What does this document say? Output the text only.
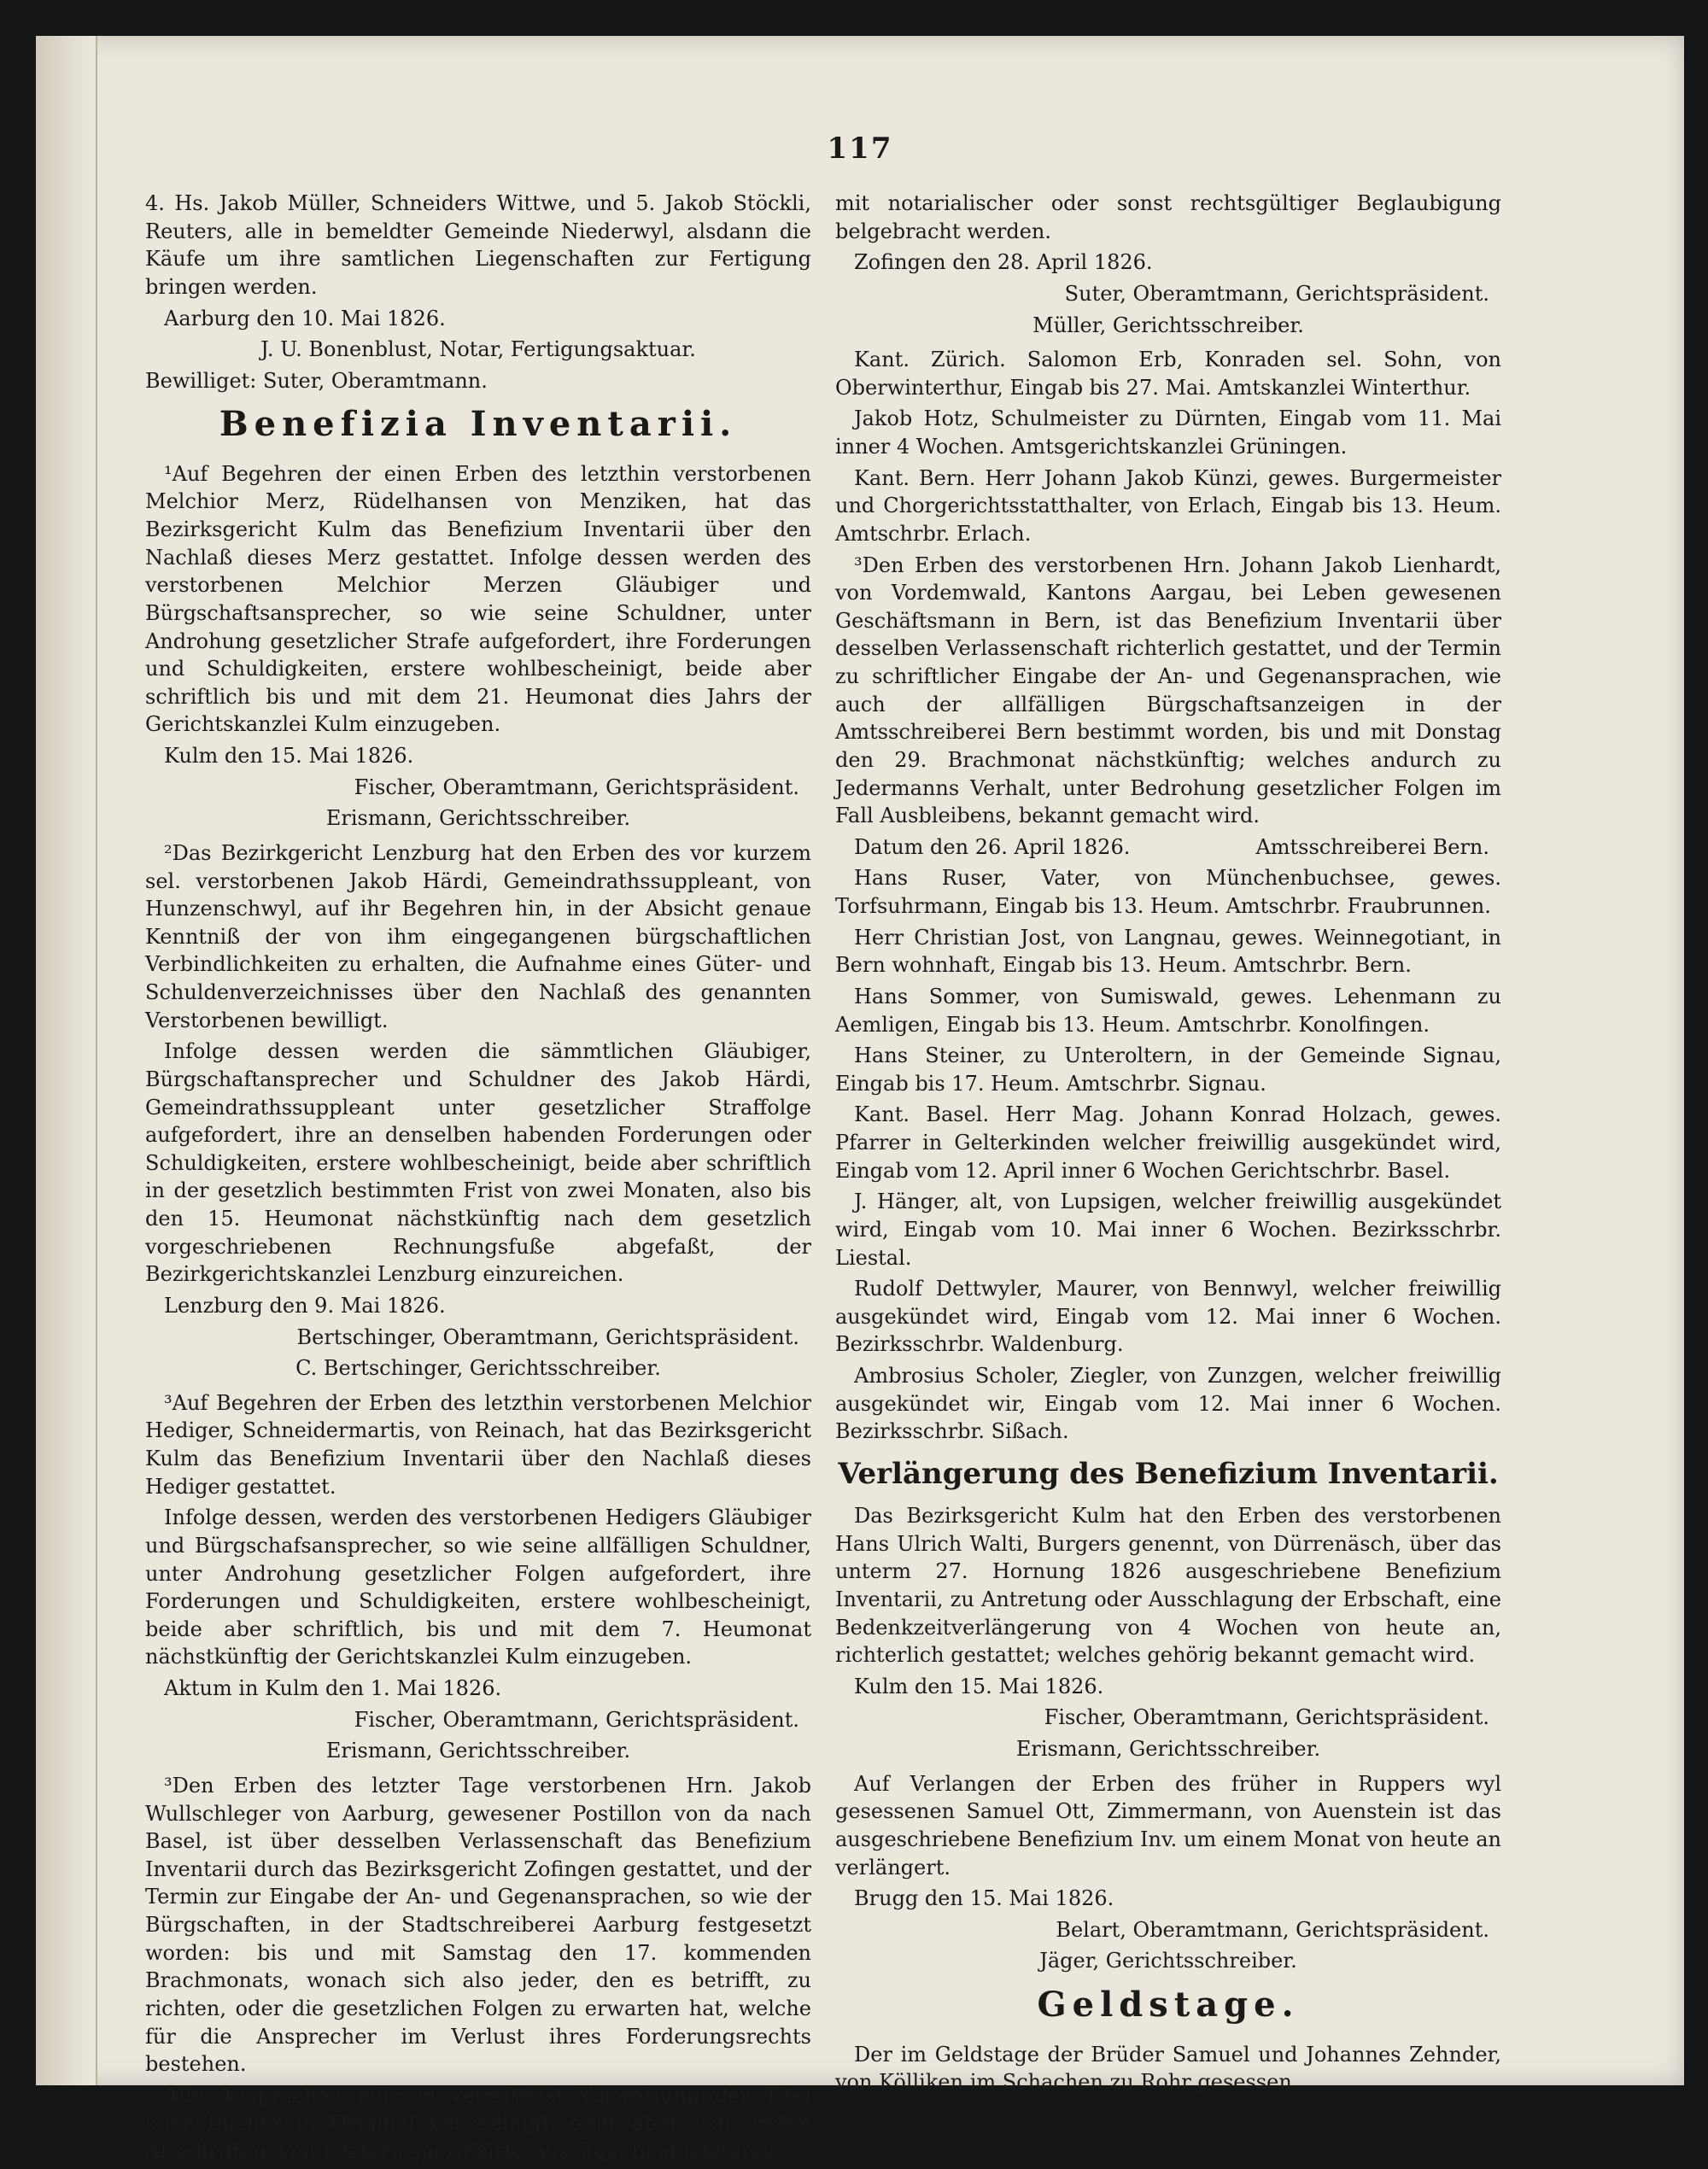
117

4. Hs. Jakob Müller, Schneiders Wittwe, und 5. Jakob Stöckli, Reuters, alle in bemeldter Gemeinde Niederwyl, alsdann die Käufe um ihre samtlichen Liegenschaften zur Fertigung bringen werden.

Aarburg den 10. Mai 1826.

J. U. Bonenblust, Notar, Fertigungsaktuar.

Bewilliget: Suter, Oberamtmann.

Benefizia Inventarii.

¹Auf Begehren der einen Erben des letzthin verstorbenen Melchior Merz, Rüdelhansen von Menziken, hat das Bezirksgericht Kulm das Benefizium Inventarii über den Nachlaß dieses Merz gestattet. Infolge dessen werden des verstorbenen Melchior Merzen Gläubiger und Bürgschaftsansprecher, so wie seine Schuldner, unter Androhung gesetzlicher Strafe aufgefordert, ihre Forderungen und Schuldigkeiten, erstere wohlbescheinigt, beide aber schriftlich bis und mit dem 21. Heumonat dies Jahrs der Gerichtskanzlei Kulm einzugeben.

Kulm den 15. Mai 1826.

Fischer, Oberamtmann, Gerichtspräsident.

Erismann, Gerichtsschreiber.

²Das Bezirkgericht Lenzburg hat den Erben des vor kurzem sel. verstorbenen Jakob Härdi, Gemeindrathssuppleant, von Hunzenschwyl, auf ihr Begehren hin, in der Absicht genaue Kenntniß der von ihm eingegangenen bürgschaftlichen Verbindlichkeiten zu erhalten, die Aufnahme eines Güter- und Schuldenverzeichnisses über den Nachlaß des genannten Verstorbenen bewilligt.

Infolge dessen werden die sämmtlichen Gläubiger, Bürgschaftansprecher und Schuldner des Jakob Härdi, Gemeindrathssuppleant unter gesetzlicher Straffolge aufgefordert, ihre an denselben habenden Forderungen oder Schuldigkeiten, erstere wohlbescheinigt, beide aber schriftlich in der gesetzlich bestimmten Frist von zwei Monaten, also bis den 15. Heumonat nächstkünftig nach dem gesetzlich vorgeschriebenen Rechnungsfuße abgefaßt, der Bezirkgerichtskanzlei Lenzburg einzureichen.

Lenzburg den 9. Mai 1826.

Bertschinger, Oberamtmann, Gerichtspräsident.

C. Bertschinger, Gerichtsschreiber.

³Auf Begehren der Erben des letzthin verstorbenen Melchior Hediger, Schneidermartis, von Reinach, hat das Bezirksgericht Kulm das Benefizium Inventarii über den Nachlaß dieses Hediger gestattet.

Infolge dessen, werden des verstorbenen Hedigers Gläubiger und Bürgschafsansprecher, so wie seine allfälligen Schuldner, unter Androhung gesetzlicher Folgen aufgefordert, ihre Forderungen und Schuldigkeiten, erstere wohlbescheinigt, beide aber schriftlich, bis und mit dem 7. Heumonat nächstkünftig der Gerichtskanzlei Kulm einzugeben.

Aktum in Kulm den 1. Mai 1826.

Fischer, Oberamtmann, Gerichtspräsident.

Erismann, Gerichtsschreiber.

³Den Erben des letzter Tage verstorbenen Hrn. Jakob Wullschleger von Aarburg, gewesener Postillon von da nach Basel, ist über desselben Verlassenschaft das Benefizium Inventarii durch das Bezirksgericht Zofingen gestattet, und der Termin zur Eingabe der An- und Gegenansprachen, so wie der Bürgschaften, in der Stadtschreiberei Aarburg festgesetzt worden: bis und mit Samstag den 17. kommenden Brachmonats, wonach sich also jeder, den es betrifft, zu richten, oder die gesetzlichen Folgen zu erwarten hat, welche für die Ansprecher im Verlust ihres Forderungsrechts bestehen.

Alle Ansprachen müssen vermittelst Vorweisung der Titel oder Bücher in Original bescheinigt, oder aber von ersten Abschriften, von letztern spezifizirte Auszüge, beid letzteres

mit notarialischer oder sonst rechtsgültiger Beglaubigung belgebracht werden.

Zofingen den 28. April 1826.

Suter, Oberamtmann, Gerichtspräsident.

Müller, Gerichtsschreiber.

Kant. Zürich. Salomon Erb, Konraden sel. Sohn, von Oberwinterthur, Eingab bis 27. Mai. Amtskanzlei Winterthur.

Jakob Hotz, Schulmeister zu Dürnten, Eingab vom 11. Mai inner 4 Wochen. Amtsgerichtskanzlei Grüningen.

Kant. Bern. Herr Johann Jakob Künzi, gewes. Burgermeister und Chorgerichtsstatthalter, von Erlach, Eingab bis 13. Heum. Amtschrbr. Erlach.

³Den Erben des verstorbenen Hrn. Johann Jakob Lienhardt, von Vordemwald, Kantons Aargau, bei Leben gewesenen Geschäftsmann in Bern, ist das Benefizium Inventarii über desselben Verlassenschaft richterlich gestattet, und der Termin zu schriftlicher Eingabe der An- und Gegenansprachen, wie auch der allfälligen Bürgschaftsanzeigen in der Amtsschreiberei Bern bestimmt worden, bis und mit Donstag den 29. Brachmonat nächstkünftig; welches andurch zu Jedermanns Verhalt, unter Bedrohung gesetzlicher Folgen im Fall Ausbleibens, bekannt gemacht wird.

Datum den 26. April 1826.	Amtsschreiberei Bern.

Hans Ruser, Vater, von Münchenbuchsee, gewes. Torfsuhrmann, Eingab bis 13. Heum. Amtschrbr. Fraubrunnen.

Herr Christian Jost, von Langnau, gewes. Weinnegotiant, in Bern wohnhaft, Eingab bis 13. Heum. Amtschrbr. Bern.

Hans Sommer, von Sumiswald, gewes. Lehenmann zu Aemligen, Eingab bis 13. Heum. Amtschrbr. Konolfingen.

Hans Steiner, zu Unteroltern, in der Gemeinde Signau, Eingab bis 17. Heum. Amtschrbr. Signau.

Kant. Basel. Herr Mag. Johann Konrad Holzach, gewes. Pfarrer in Gelterkinden welcher freiwillig ausgekündet wird, Eingab vom 12. April inner 6 Wochen Gerichtschrbr. Basel.

J. Hänger, alt, von Lupsigen, welcher freiwillig ausgekündet wird, Eingab vom 10. Mai inner 6 Wochen. Bezirksschrbr. Liestal.

Rudolf Dettwyler, Maurer, von Bennwyl, welcher freiwillig ausgekündet wird, Eingab vom 12. Mai inner 6 Wochen. Bezirksschrbr. Waldenburg.

Ambrosius Scholer, Ziegler, von Zunzgen, welcher freiwillig ausgekündet wir, Eingab vom 12. Mai inner 6 Wochen. Bezirksschrbr. Sißach.

Verlängerung des Benefizium Inventarii.

Das Bezirksgericht Kulm hat den Erben des verstorbenen Hans Ulrich Walti, Burgers genennt, von Dürrenäsch, über das unterm 27. Hornung 1826 ausgeschriebene Benefizium Inventarii, zu Antretung oder Ausschlagung der Erbschaft, eine Bedenkzeitverlängerung von 4 Wochen von heute an, richterlich gestattet; welches gehörig bekannt gemacht wird.

Kulm den 15. Mai 1826.

Fischer, Oberamtmann, Gerichtspräsident.

Erismann, Gerichtsschreiber.

Auf Verlangen der Erben des früher in Ruppers wyl gesessenen Samuel Ott, Zimmermann, von Auenstein ist das ausgeschriebene Benefizium Inv. um einem Monat von heute an verlängert.

Brugg den 15. Mai 1826.

Belart, Oberamtmann, Gerichtspräsident.

Jäger, Gerichtsschreiber.

Geldstage.

Der im Geldstage der Brüder Samuel und Johannes Zehnder, von Kölliken im Schachen zu Rohr gesessen,
